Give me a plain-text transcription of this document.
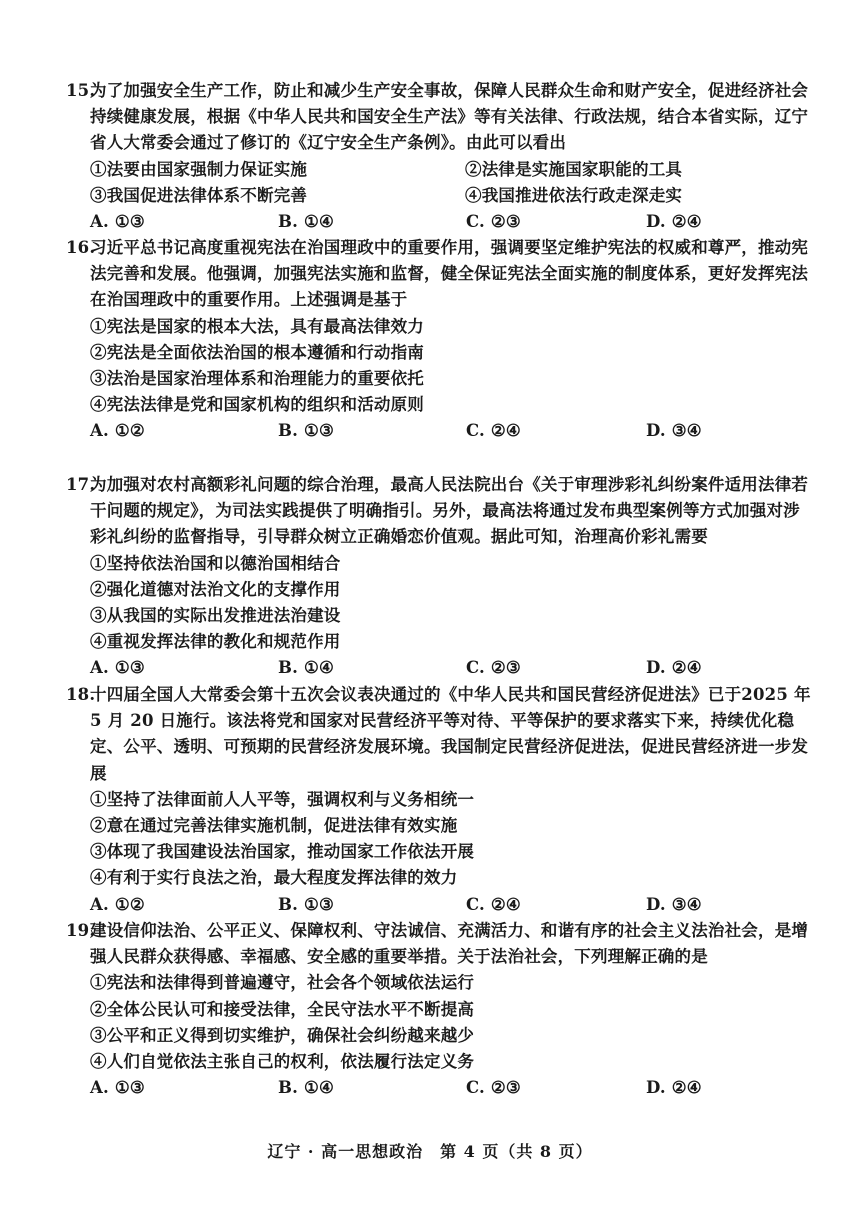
15.为了加强安全生产工作，防止和减少生产安全事故，保障人民群众生命和财产安全，促进经济社会持续健康发展，根据《中华人民共和国安全生产法》等有关法律、行政法规，结合本省实际，辽宁省人大常委会通过了修订的《辽宁安全生产条例》。由此可以看出

①法要由国家强制力保证实施	②法律是实施国家职能的工具

③我国促进法律体系不断完善	④我国推进依法行政走深走实

A. ①③	B. ①④	C. ②③	D. ②④

16.习近平总书记高度重视宪法在治国理政中的重要作用，强调要坚定维护宪法的权威和尊严，推动宪法完善和发展。他强调，加强宪法实施和监督，健全保证宪法全面实施的制度体系，更好发挥宪法在治国理政中的重要作用。上述强调是基于

①宪法是国家的根本大法，具有最高法律效力

②宪法是全面依法治国的根本遵循和行动指南

③法治是国家治理体系和治理能力的重要依托

④宪法法律是党和国家机构的组织和活动原则

A. ①②	B. ①③	C. ②④	D. ③④

17.为加强对农村高额彩礼问题的综合治理，最高人民法院出台《关于审理涉彩礼纠纷案件适用法律若干问题的规定》，为司法实践提供了明确指引。另外，最高法将通过发布典型案例等方式加强对涉彩礼纠纷的监督指导，引导群众树立正确婚恋价值观。据此可知，治理高价彩礼需要

①坚持依法治国和以德治国相结合

②强化道德对法治文化的支撑作用

③从我国的实际出发推进法治建设

④重视发挥法律的教化和规范作用

A. ①③	B. ①④	C. ②③	D. ②④

18.十四届全国人大常委会第十五次会议表决通过的《中华人民共和国民营经济促进法》已于2025 年 5 月 20 日施行。该法将党和国家对民营经济平等对待、平等保护的要求落实下来，持续优化稳定、公平、透明、可预期的民营经济发展环境。我国制定民营经济促进法，促进民营经济进一步发展

①坚持了法律面前人人平等，强调权利与义务相统一

②意在通过完善法律实施机制，促进法律有效实施

③体现了我国建设法治国家，推动国家工作依法开展

④有利于实行良法之治，最大程度发挥法律的效力

A. ①②	B. ①③	C. ②④	D. ③④

19.建设信仰法治、公平正义、保障权利、守法诚信、充满活力、和谐有序的社会主义法治社会，是增强人民群众获得感、幸福感、安全感的重要举措。关于法治社会，下列理解正确的是

①宪法和法律得到普遍遵守，社会各个领域依法运行

②全体公民认可和接受法律，全民守法水平不断提高

③公平和正义得到切实维护，确保社会纠纷越来越少

④人们自觉依法主张自己的权利，依法履行法定义务

A. ①③	B. ①④	C. ②③	D. ②④
辽宁 · 高一思想政治　第 4 页（共 8 页）
